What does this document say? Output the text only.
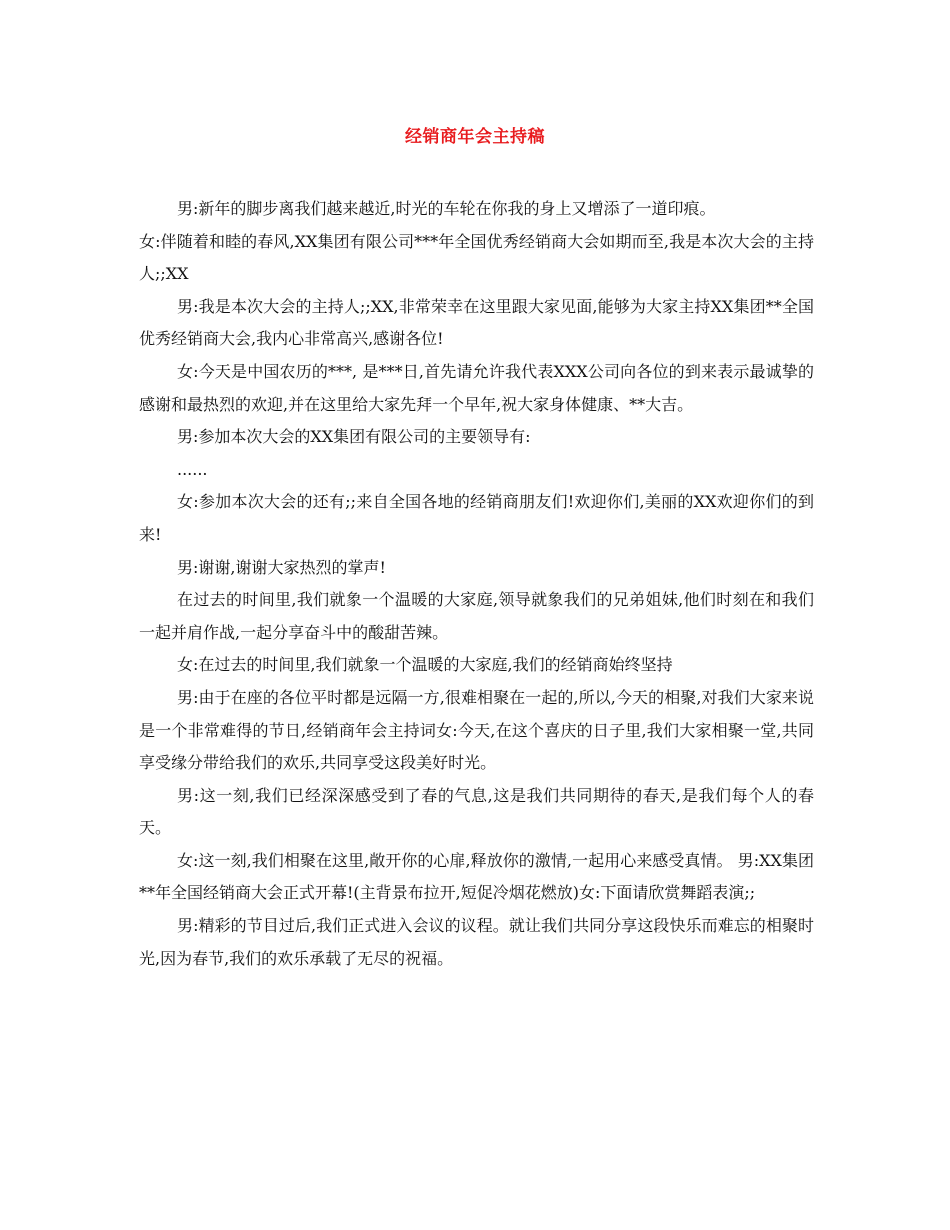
经销商年会主持稿

男:新年的脚步离我们越来越近,时光的车轮在你我的身上又增添了一道印痕。

女:伴随着和睦的春风,XX集团有限公司***年全国优秀经销商大会如期而至,我是本次大会的主持人;;XX

男:我是本次大会的主持人;;XX,非常荣幸在这里跟大家见面,能够为大家主持XX集团**全国优秀经销商大会,我内心非常高兴,感谢各位!

女:今天是中国农历的***, 是***日,首先请允许我代表XXX公司向各位的到来表示最诚挚的感谢和最热烈的欢迎,并在这里给大家先拜一个早年,祝大家身体健康、**大吉。

男:参加本次大会的XX集团有限公司的主要领导有:

......

女:参加本次大会的还有;;来自全国各地的经销商朋友们!欢迎你们,美丽的XX欢迎你们的到来!

男:谢谢,谢谢大家热烈的掌声!

在过去的时间里,我们就象一个温暖的大家庭,领导就象我们的兄弟姐妹,他们时刻在和我们一起并肩作战,一起分享奋斗中的酸甜苦辣。

女:在过去的时间里,我们就象一个温暖的大家庭,我们的经销商始终坚持

男:由于在座的各位平时都是远隔一方,很难相聚在一起的,所以,今天的相聚,对我们大家来说是一个非常难得的节日,经销商年会主持词女:今天,在这个喜庆的日子里,我们大家相聚一堂,共同享受缘分带给我们的欢乐,共同享受这段美好时光。

男:这一刻,我们已经深深感受到了春的气息,这是我们共同期待的春天,是我们每个人的春天。

女:这一刻,我们相聚在这里,敞开你的心扉,释放你的激情,一起用心来感受真情。 男:XX集团**年全国经销商大会正式开幕!(主背景布拉开,短促冷烟花燃放)女:下面请欣赏舞蹈表演;;

男:精彩的节目过后,我们正式进入会议的议程。就让我们共同分享这段快乐而难忘的相聚时光,因为春节,我们的欢乐承载了无尽的祝福。
